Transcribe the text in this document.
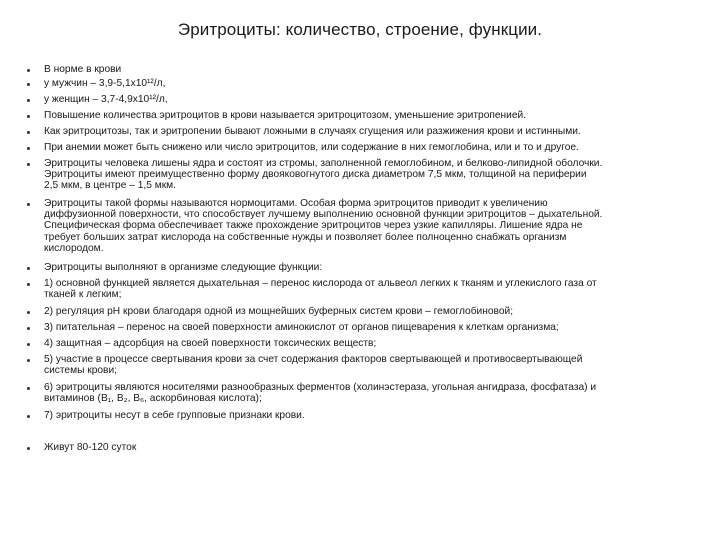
Эритроциты: количество, строение, функции.
В норме в крови
у мужчин – 3,9-5,1х10¹²/л,
у женщин – 3,7-4,9х10¹²/л,
Повышение количества эритроцитов в крови называется эритроцитозом, уменьшение эритропенией.
Как эритроцитозы, так и эритропении бывают ложными в случаях сгущения или разжижения крови и истинными.
При анемии может быть снижено или число эритроцитов, или содержание в них гемоглобина, или и то и другое.
Эритроциты человека лишены ядра и состоят из стромы, заполненной гемоглобином, и белково-липидной оболочки.
Эритроциты имеют преимущественно форму двояковогнутого диска диаметром 7,5 мкм, толщиной на периферии
2,5 мкм, в центре – 1,5 мкм.
Эритроциты такой формы называются нормоцитами. Особая форма эритроцитов приводит к увеличению
диффузионной поверхности, что способствует лучшему выполнению основной функции эритроцитов – дыхательной.
Специфическая форма обеспечивает также прохождение эритроцитов через узкие капилляры. Лишение ядра не
требует больших затрат кислорода на собственные нужды и позволяет более полноценно снабжать организм
кислородом.
Эритроциты выполняют в организме следующие функции:
1) основной функцией является дыхательная – перенос кислорода от альвеол легких к тканям и углекислого газа от
тканей к легким;
2) регуляция pH крови благодаря одной из мощнейших буферных систем крови – гемоглобиновой;
3) питательная – перенос на своей поверхности аминокислот от органов пищеварения к клеткам организма;
4) защитная – адсорбция на своей поверхности токсических веществ;
5) участие в процессе свертывания крови за счет содержания факторов свертывающей и противосвертывающей
системы крови;
6) эритроциты являются носителями разнообразных ферментов (холинэстераза, угольная ангидраза, фосфатаза) и
витаминов (B₁, B₂, B₆, аскорбиновая кислота);
7) эритроциты несут в себе групповые признаки крови.
Живут 80-120 суток
